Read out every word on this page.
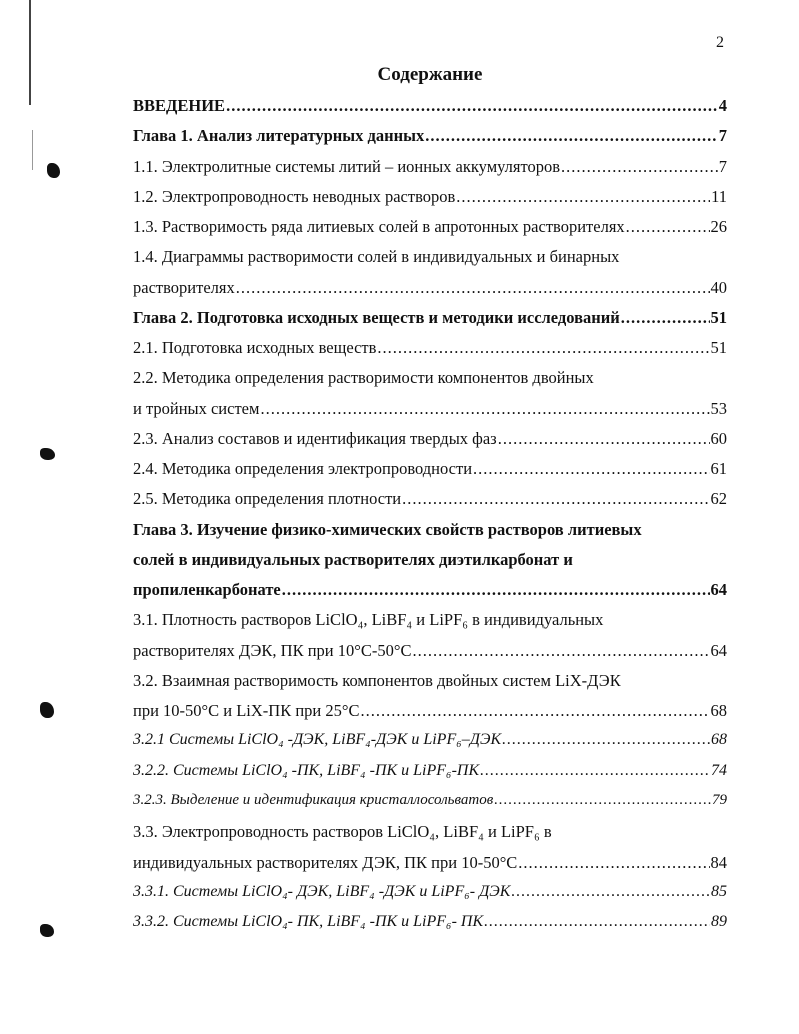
2
Содержание
ВВЕДЕНИЕ .....	4
Глава 1. Анализ литературных данных .....	7
1.1. Электролитные системы литий – ионных аккумуляторов .....	7
1.2. Электропроводность неводных растворов .....	11
1.3. Растворимость ряда литиевых солей в апротонных растворителях .....	26
1.4. Диаграммы растворимости солей в индивидуальных и бинарных
растворителях .....	40
Глава 2. Подготовка исходных веществ и методики исследований .....	51
2.1. Подготовка исходных веществ .....	51
2.2. Методика определения растворимости компонентов двойных
и тройных систем .....	53
2.3. Анализ составов и идентификация твердых фаз .....	60
2.4. Методика определения электропроводности .....	61
2.5. Методика определения плотности .....	62
Глава 3. Изучение физико-химических свойств растворов литиевых
солей в индивидуальных растворителях диэтилкарбонат и
пропиленкарбонате .....	64
3.1. Плотность растворов LiClO₄, LiBF₄ и LiPF₆ в индивидуальных
растворителях ДЭК, ПК при 10°С-50°С .....	64
3.2. Взаимная растворимость компонентов двойных систем LiX-ДЭК
при 10-50°С и LiX-ПК при 25°С .....	68
3.2.1 Системы LiClO₄ -ДЭК, LiBF₄-ДЭК и LiPF₆–ДЭК .....	68
3.2.2. Системы LiClO₄ -ПК, LiBF₄ -ПК и LiPF₆-ПК .....	74
3.2.3. Выделение и идентификация кристаллосольватов .....	79
3.3. Электропроводность растворов LiClO₄, LiBF₄ и LiPF₆ в
индивидуальных растворителях ДЭК, ПК при 10-50°С .....	84
3.3.1. Системы LiClO₄- ДЭК, LiBF₄ -ДЭК и LiPF₆- ДЭК .....	85
3.3.2. Системы LiClO₄- ПК, LiBF₄ -ПК и LiPF₆- ПК .....	89
